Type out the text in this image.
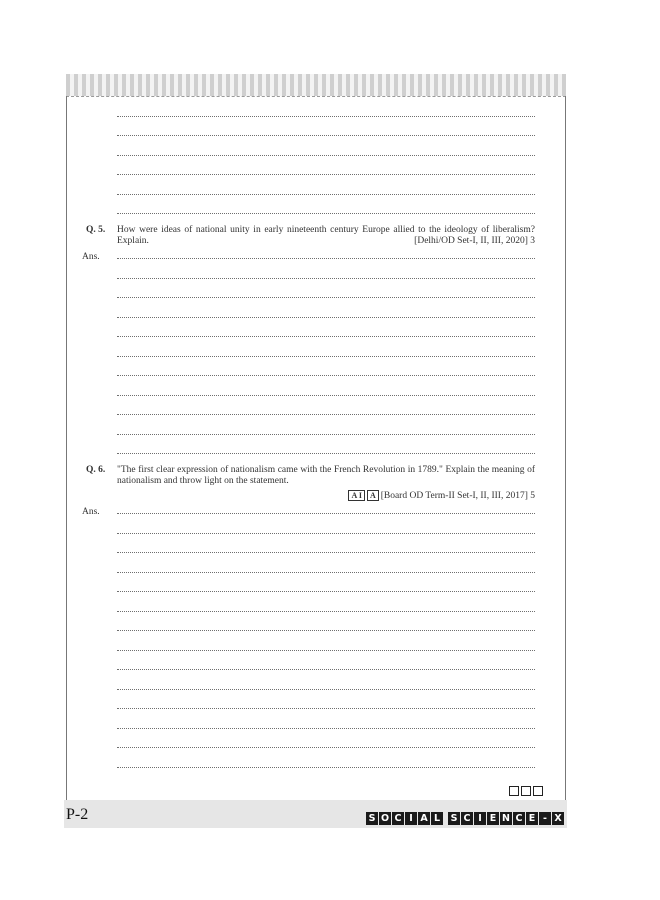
Q. 5. How were ideas of national unity in early nineteenth century Europe allied to the ideology of liberalism? Explain.	[Delhi/OD Set-I, II, III, 2020] 3
Ans.
Q. 6. "The first clear expression of nationalism came with the French Revolution in 1789." Explain the meaning of nationalism and throw light on the statement.
A I A [Board OD Term-II Set-I, II, III, 2017] 5
Ans.
P-2	S O C I A L S C I E N C E - X
